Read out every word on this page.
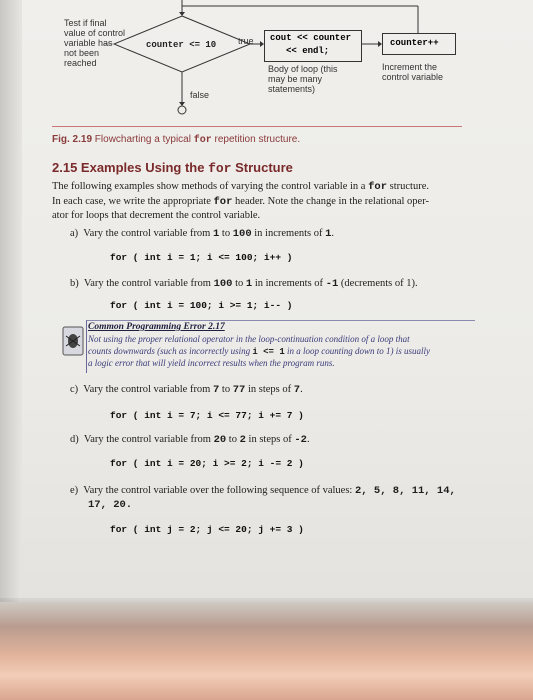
Test if final
value of control
variable has
not been
reached
counter <= 10 true
false
cout << counter
<< endl;
Body of loop (this
may be many
statements)
counter++
Increment the
control variable
Fig. 2.19 Flowcharting a typical for repetition structure.
2.15 Examples Using the for Structure
The following examples show methods of varying the control variable in a for structure.
In each case, we write the appropriate for header. Note the change in the relational oper-
ator for loops that decrement the control variable.
a) Vary the control variable from 1 to 100 in increments of 1.
for ( int i = 1; i <= 100; i++ )
b) Vary the control variable from 100 to 1 in increments of -1 (decrements of 1).
for ( int i = 100; i >= 1; i-- )
Common Programming Error 2.17
Not using the proper relational operator in the loop-continuation condition of a loop that
counts downwards (such as incorrectly using i <= 1 in a loop counting down to 1) is usually
a logic error that will yield incorrect results when the program runs.
c) Vary the control variable from 7 to 77 in steps of 7.
for ( int i = 7; i <= 77; i += 7 )
d) Vary the control variable from 20 to 2 in steps of -2.
for ( int i = 20; i >= 2; i -= 2 )
e) Vary the control variable over the following sequence of values: 2, 5, 8, 11, 14,
17, 20.
for ( int j = 2; j <= 20; j += 3 )
